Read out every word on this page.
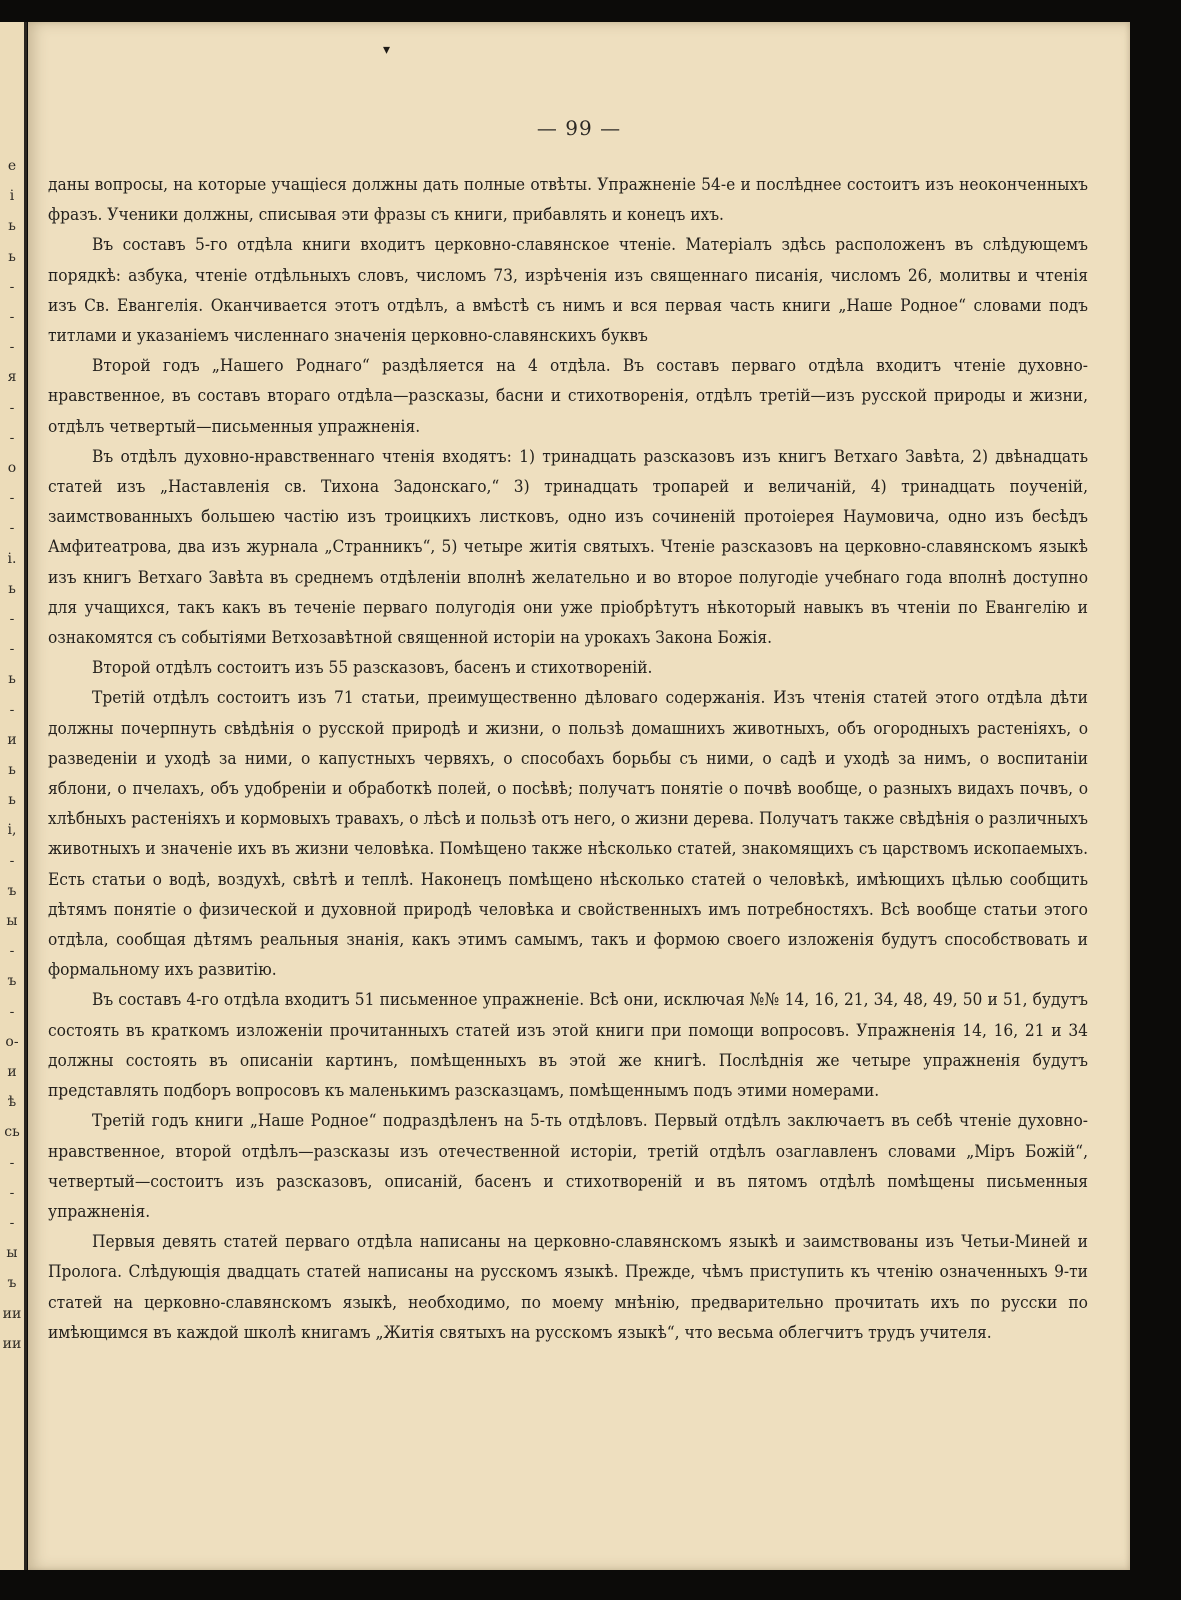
е
і
ь
ь
-
-
-
я
-
-
о
-
-
і.
ь
-
-
ь
-
и
ь
ь
і,
-
ъ
ы
-
ъ
-
о-
и
ѣ
сь
-
-
-
ы
ъ
ии
ии
▾
— 99 —

даны вопросы, на которые учащіеся должны дать полные отвѣты. Упражненіе 54-е и послѣднее состоитъ изъ неоконченныхъ фразъ. Ученики должны, списывая эти фразы съ книги, прибавлять и конецъ ихъ.

Въ составъ 5-го отдѣла книги входитъ церковно-славянское чтеніе. Матеріалъ здѣсь расположенъ въ слѣдующемъ порядкѣ: азбука, чтеніе отдѣльныхъ словъ, числомъ 73, изрѣченія изъ священнаго писанія, числомъ 26, молитвы и чтенія изъ Св. Евангелія. Оканчивается этотъ отдѣлъ, а вмѣстѣ съ нимъ и вся первая часть книги „Наше Родное“ словами подъ титлами и указаніемъ численнаго значенія церковно-славянскихъ буквъ

Второй годъ „Нашего Роднаго“ раздѣляется на 4 отдѣла. Въ составъ перваго отдѣла входитъ чтеніе духовно-нравственное, въ составъ втораго отдѣла—разсказы, басни и стихотворенія, отдѣлъ третій—изъ русской природы и жизни, отдѣлъ четвертый—письменныя упражненія.

Въ отдѣлъ духовно-нравственнаго чтенія входятъ: 1) тринадцать разсказовъ изъ книгъ Ветхаго Завѣта, 2) двѣнадцать статей изъ „Наставленія св. Тихона Задонскаго,“ 3) тринадцать тропарей и величаній, 4) тринадцать поученій, заимствованныхъ большею частію изъ троицкихъ листковъ, одно изъ сочиненій протоіерея Наумовича, одно изъ бесѣдъ Амфитеатрова, два изъ журнала „Странникъ“, 5) четыре житія святыхъ. Чтеніе разсказовъ на церковно-славянскомъ языкѣ изъ книгъ Ветхаго Завѣта въ среднемъ отдѣленіи вполнѣ желательно и во второе полугодіе учебнаго года вполнѣ доступно для учащихся, такъ какъ въ теченіе перваго полугодія они уже пріобрѣтутъ нѣкоторый навыкъ въ чтеніи по Евангелію и ознакомятся съ событіями Ветхозавѣтной священной исторіи на урокахъ Закона Божія.

Второй отдѣлъ состоитъ изъ 55 разсказовъ, басенъ и стихотвореній.

Третій отдѣлъ состоитъ изъ 71 статьи, преимущественно дѣловаго содержанія. Изъ чтенія статей этого отдѣла дѣти должны почерпнуть свѣдѣнія о русской природѣ и жизни, о пользѣ домашнихъ животныхъ, объ огородныхъ растеніяхъ, о разведеніи и уходѣ за ними, о капустныхъ червяхъ, о способахъ борьбы съ ними, о садѣ и уходѣ за нимъ, о воспитаніи яблони, о пчелахъ, объ удобреніи и обработкѣ полей, о посѣвѣ; получатъ понятіе о почвѣ вообще, о разныхъ видахъ почвъ, о хлѣбныхъ растеніяхъ и кормовыхъ травахъ, о лѣсѣ и пользѣ отъ него, о жизни дерева. Получатъ также свѣдѣнія о различныхъ животныхъ и значеніе ихъ въ жизни человѣка. Помѣщено также нѣсколько статей, знакомящихъ съ царствомъ ископаемыхъ. Есть статьи о водѣ, воздухѣ, свѣтѣ и теплѣ. Наконецъ помѣщено нѣсколько статей о человѣкѣ, имѣющихъ цѣлью сообщить дѣтямъ понятіе о физической и духовной природѣ человѣка и свойственныхъ имъ потребностяхъ. Всѣ вообще статьи этого отдѣла, сообщая дѣтямъ реальныя знанія, какъ этимъ самымъ, такъ и формою своего изложенія будутъ способствовать и формальному ихъ развитію.

Въ составъ 4-го отдѣла входитъ 51 письменное упражненіе. Всѣ они, исключая №№ 14, 16, 21, 34, 48, 49, 50 и 51, будутъ состоять въ краткомъ изложеніи прочитанныхъ статей изъ этой книги при помощи вопросовъ. Упражненія 14, 16, 21 и 34 должны состоять въ описаніи картинъ, помѣщенныхъ въ этой же книгѣ. Послѣднія же четыре упражненія будутъ представлять подборъ вопросовъ къ маленькимъ разсказцамъ, помѣщеннымъ подъ этими номерами.

Третій годъ книги „Наше Родное“ подраздѣленъ на 5-ть отдѣловъ. Первый отдѣлъ заключаетъ въ себѣ чтеніе духовно-нравственное, второй отдѣлъ—разсказы изъ отечественной исторіи, третій отдѣлъ озаглавленъ словами „Міръ Божій“, четвертый—состоитъ изъ разсказовъ, описаній, басенъ и стихотвореній и въ пятомъ отдѣлѣ помѣщены письменныя упражненія.

Первыя девять статей перваго отдѣла написаны на церковно-славянскомъ языкѣ и заимствованы изъ Четьи-Миней и Пролога. Слѣдующія двадцать статей написаны на русскомъ языкѣ. Прежде, чѣмъ приступить къ чтенію означенныхъ 9-ти статей на церковно-славянскомъ языкѣ, необходимо, по моему мнѣнію, предварительно прочитать ихъ по русски по имѣющимся въ каждой школѣ книгамъ „Житія святыхъ на русскомъ языкѣ“, что весьма облегчитъ трудъ учителя.
